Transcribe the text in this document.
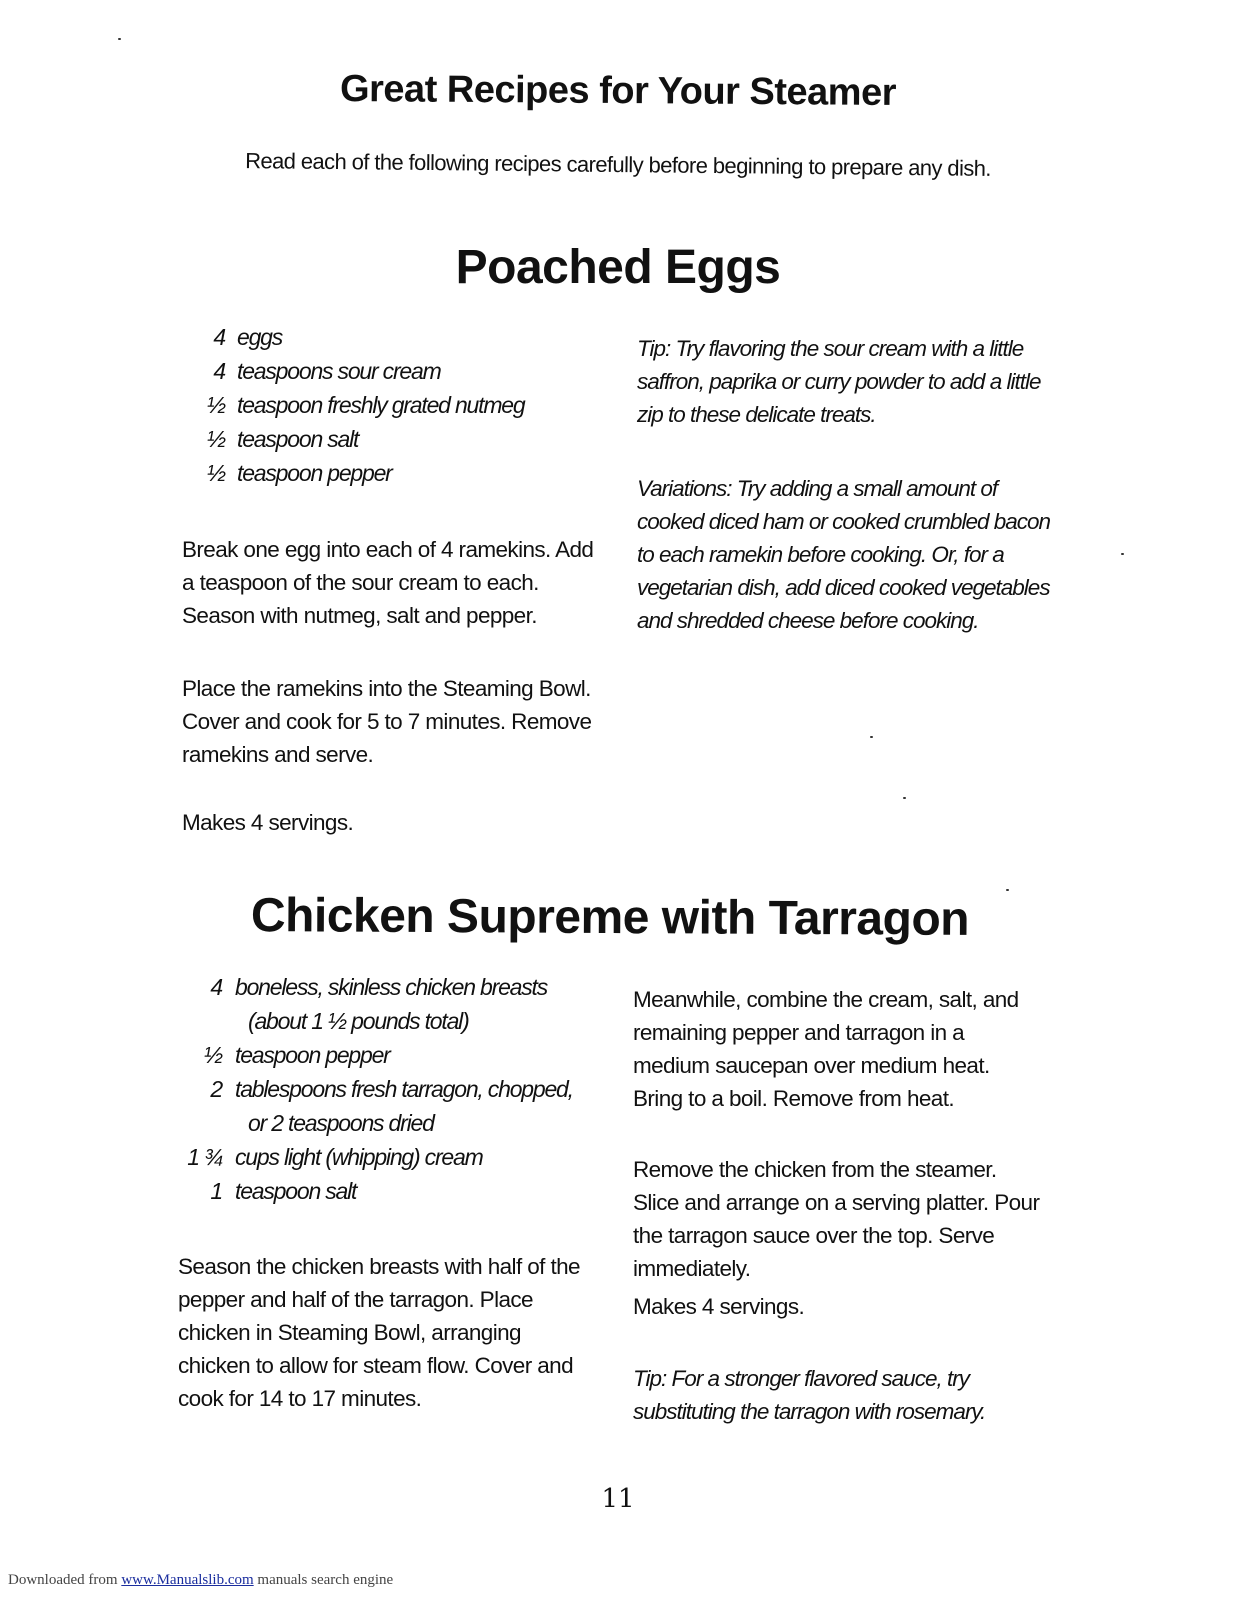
Great Recipes for Your Steamer
Read each of the following recipes carefully before beginning to prepare any dish.
Poached Eggs
4 eggs
4 teaspoons sour cream
½ teaspoon freshly grated nutmeg
½ teaspoon salt
½ teaspoon pepper

Break one egg into each of 4 ramekins. Add a teaspoon of the sour cream to each. Season with nutmeg, salt and pepper.

Place the ramekins into the Steaming Bowl. Cover and cook for 5 to 7 minutes. Remove ramekins and serve.

Makes 4 servings.

Tip: Try flavoring the sour cream with a little saffron, paprika or curry powder to add a little zip to these delicate treats.

Variations: Try adding a small amount of cooked diced ham or cooked crumbled bacon to each ramekin before cooking. Or, for a vegetarian dish, add diced cooked vegetables and shredded cheese before cooking.

Chicken Supreme with Tarragon
4 boneless, skinless chicken breasts
(about 1 ½ pounds total)
½ teaspoon pepper
2 tablespoons fresh tarragon, chopped,
or 2 teaspoons dried
1 ¾ cups light (whipping) cream
1 teaspoon salt

Season the chicken breasts with half of the pepper and half of the tarragon. Place chicken in Steaming Bowl, arranging chicken to allow for steam flow. Cover and cook for 14 to 17 minutes.

Meanwhile, combine the cream, salt, and remaining pepper and tarragon in a medium saucepan over medium heat. Bring to a boil. Remove from heat.

Remove the chicken from the steamer. Slice and arrange on a serving platter. Pour the tarragon sauce over the top. Serve immediately.

Makes 4 servings.

Tip: For a stronger flavored sauce, try substituting the tarragon with rosemary.

11
Downloaded from www.Manualslib.com manuals search engine
